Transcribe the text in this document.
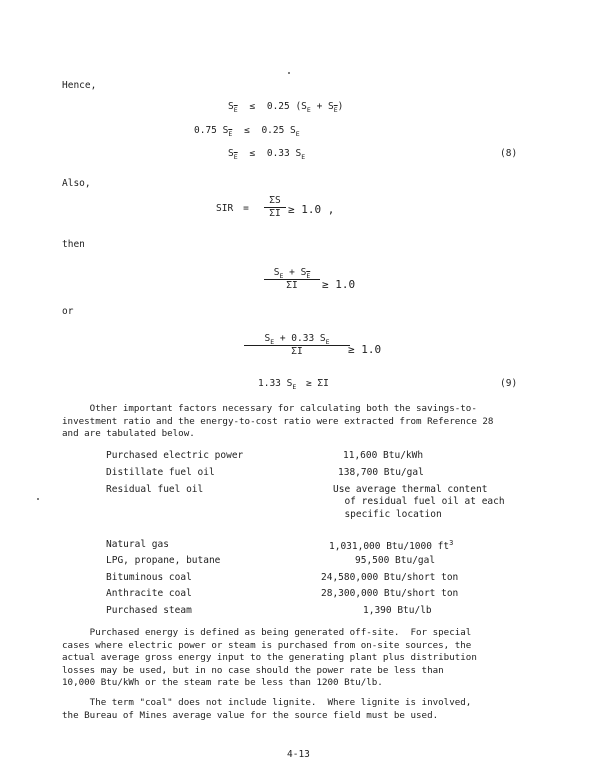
Hence,
$S_{\overline{E}} \le 0.25$ $(S_E + S_{\overline{E}})$
0.75 $S_{\overline{E}} \le 0.25$ $S_E$
$S_{\overline{E}} \le 0.33$ $S_E$	(8)
Also,
SIR =
ΣS
ΣI ≥ 1.0 ,
then
$S_E + S_{\overline{E}}$
ΣI	≥ 1.0
or
$S_E + 0.33$ $S_E$
ΣI	≥ 1.0
1.33 $S_E \ge \Sigma I$	(9)
Other important factors necessary for calculating both the savings-to-
investment ratio and the energy-to-cost ratio were extracted from Reference 28
and are tabulated below.
Purchased electric power	11,600 Btu/kWh
Distillate fuel oil	138,700 Btu/gal
Residual fuel oil	Use average thermal content
of residual fuel oil at each
specific location
Natural gas	1,031,000 Btu/1000 $ft^3$
LPG, propane, butane	95,500 Btu/gal
Bituminous coal	24,580,000 Btu/short ton
Anthracite coal	28,300,000 Btu/short ton
Purchased steam	1,390 Btu/lb
Purchased energy is defined as being generated off-site.  For special
cases where electric power or steam is purchased from on-site sources, the
actual average gross energy input to the generating plant plus distribution
losses may be used, but in no case should the power rate be less than
10,000 Btu/kWh or the steam rate be less than 1200 Btu/lb.
The term "coal" does not include lignite.  Where lignite is involved,
the Bureau of Mines average value for the source field must be used.
4-13
